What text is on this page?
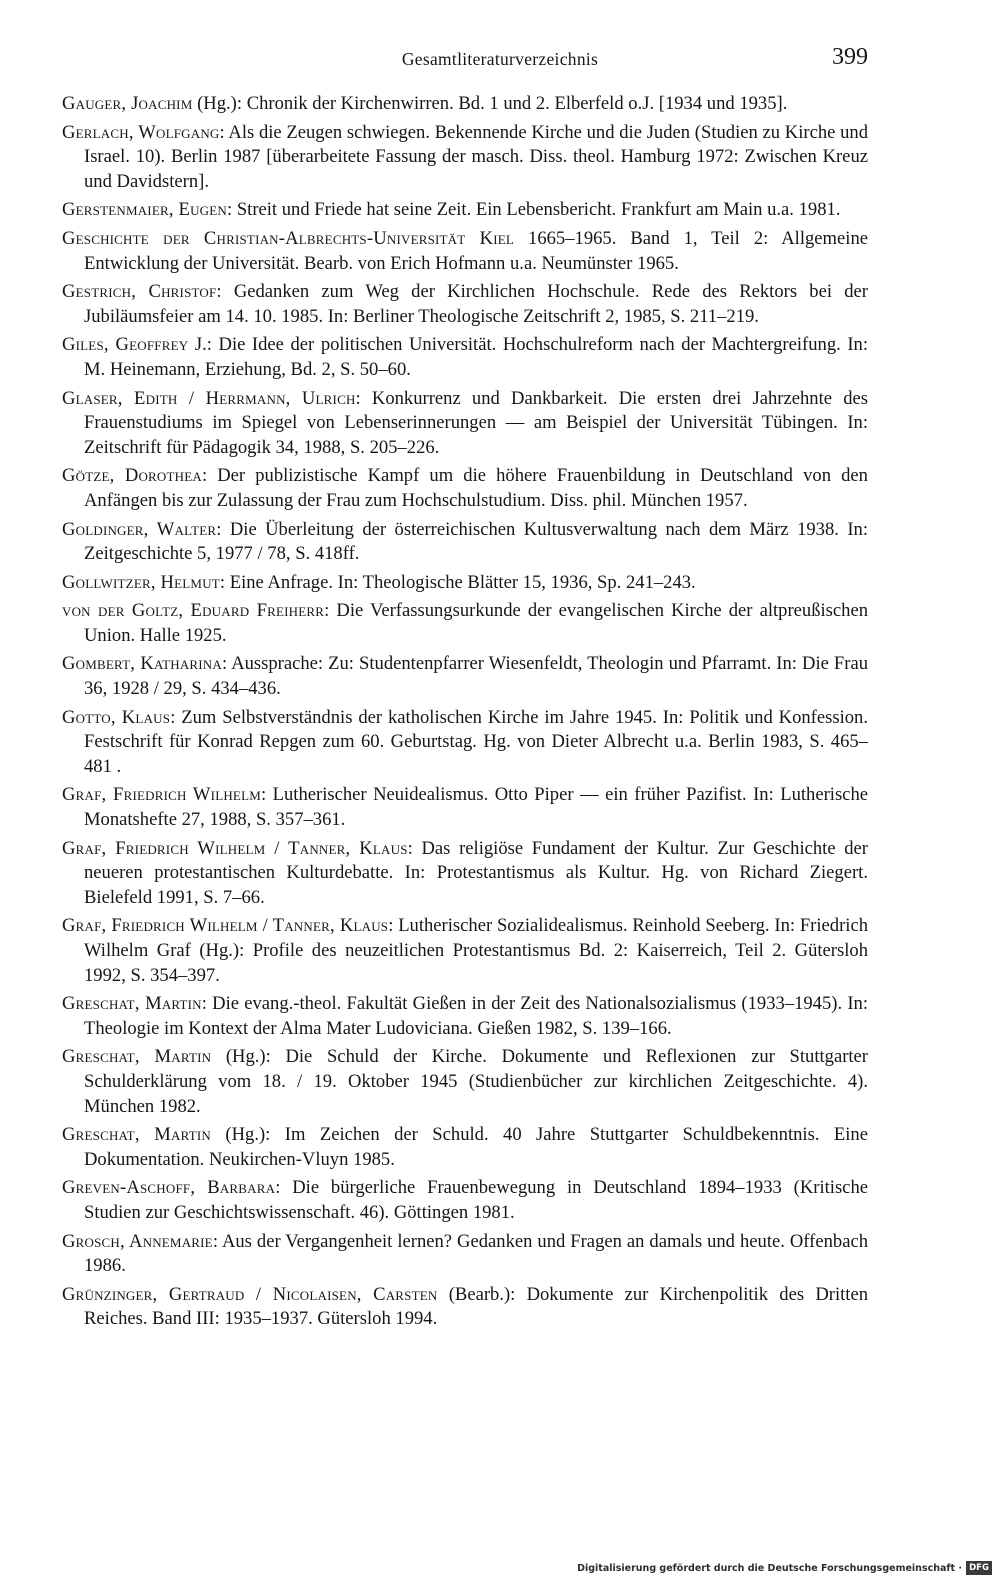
Gesamtliteraturverzeichnis	399
Gauger, Joachim (Hg.): Chronik der Kirchenwirren. Bd. 1 und 2. Elberfeld o.J. [1934 und 1935].
Gerlach, Wolfgang: Als die Zeugen schwiegen. Bekennende Kirche und die Juden (Studien zu Kirche und Israel. 10). Berlin 1987 [überarbeitete Fassung der masch. Diss. theol. Hamburg 1972: Zwischen Kreuz und Davidstern].
Gerstenmaier, Eugen: Streit und Friede hat seine Zeit. Ein Lebensbericht. Frankfurt am Main u.a. 1981.
Geschichte der Christian-Albrechts-Universität Kiel 1665–1965. Band 1, Teil 2: Allgemeine Entwicklung der Universität. Bearb. von Erich Hofmann u.a. Neumünster 1965.
Gestrich, Christof: Gedanken zum Weg der Kirchlichen Hochschule. Rede des Rektors bei der Jubiläumsfeier am 14. 10. 1985. In: Berliner Theologische Zeitschrift 2, 1985, S. 211–219.
Giles, Geoffrey J.: Die Idee der politischen Universität. Hochschulreform nach der Machtergreifung. In: M. Heinemann, Erziehung, Bd. 2, S. 50–60.
Glaser, Edith / Herrmann, Ulrich: Konkurrenz und Dankbarkeit. Die ersten drei Jahrzehnte des Frauenstudiums im Spiegel von Lebenserinnerungen — am Beispiel der Universität Tübingen. In: Zeitschrift für Pädagogik 34, 1988, S. 205–226.
Götze, Dorothea: Der publizistische Kampf um die höhere Frauenbildung in Deutschland von den Anfängen bis zur Zulassung der Frau zum Hochschulstudium. Diss. phil. München 1957.
Goldinger, Walter: Die Überleitung der österreichischen Kultusverwaltung nach dem März 1938. In: Zeitgeschichte 5, 1977 / 78, S. 418ff.
Gollwitzer, Helmut: Eine Anfrage. In: Theologische Blätter 15, 1936, Sp. 241–243.
von der Goltz, Eduard Freiherr: Die Verfassungsurkunde der evangelischen Kirche der altpreußischen Union. Halle 1925.
Gombert, Katharina: Aussprache: Zu: Studentenpfarrer Wiesenfeldt, Theologin und Pfarramt. In: Die Frau 36, 1928 / 29, S. 434–436.
Gotto, Klaus: Zum Selbstverständnis der katholischen Kirche im Jahre 1945. In: Politik und Konfession. Festschrift für Konrad Repgen zum 60. Geburtstag. Hg. von Dieter Albrecht u.a. Berlin 1983, S. 465–481 .
Graf, Friedrich Wilhelm: Lutherischer Neuidealismus. Otto Piper — ein früher Pazifist. In: Lutherische Monatshefte 27, 1988, S. 357–361.
Graf, Friedrich Wilhelm / Tanner, Klaus: Das religiöse Fundament der Kultur. Zur Geschichte der neueren protestantischen Kulturdebatte. In: Protestantismus als Kultur. Hg. von Richard Ziegert. Bielefeld 1991, S. 7–66.
Graf, Friedrich Wilhelm / Tanner, Klaus: Lutherischer Sozialidealismus. Reinhold Seeberg. In: Friedrich Wilhelm Graf (Hg.): Profile des neuzeitlichen Protestantismus Bd. 2: Kaiserreich, Teil 2. Gütersloh 1992, S. 354–397.
Greschat, Martin: Die evang.-theol. Fakultät Gießen in der Zeit des Nationalsozialismus (1933–1945). In: Theologie im Kontext der Alma Mater Ludoviciana. Gießen 1982, S. 139–166.
Greschat, Martin (Hg.): Die Schuld der Kirche. Dokumente und Reflexionen zur Stuttgarter Schulderklärung vom 18. / 19. Oktober 1945 (Studienbücher zur kirchlichen Zeitgeschichte. 4). München 1982.
Greschat, Martin (Hg.): Im Zeichen der Schuld. 40 Jahre Stuttgarter Schuldbekenntnis. Eine Dokumentation. Neukirchen-Vluyn 1985.
Greven-Aschoff, Barbara: Die bürgerliche Frauenbewegung in Deutschland 1894–1933 (Kritische Studien zur Geschichtswissenschaft. 46). Göttingen 1981.
Grosch, Annemarie: Aus der Vergangenheit lernen? Gedanken und Fragen an damals und heute. Offenbach 1986.
Grünzinger, Gertraud / Nicolaisen, Carsten (Bearb.): Dokumente zur Kirchenpolitik des Dritten Reiches. Band III: 1935–1937. Gütersloh 1994.
Digitalisierung gefördert durch die Deutsche Forschungsgemeinschaft · DFG
